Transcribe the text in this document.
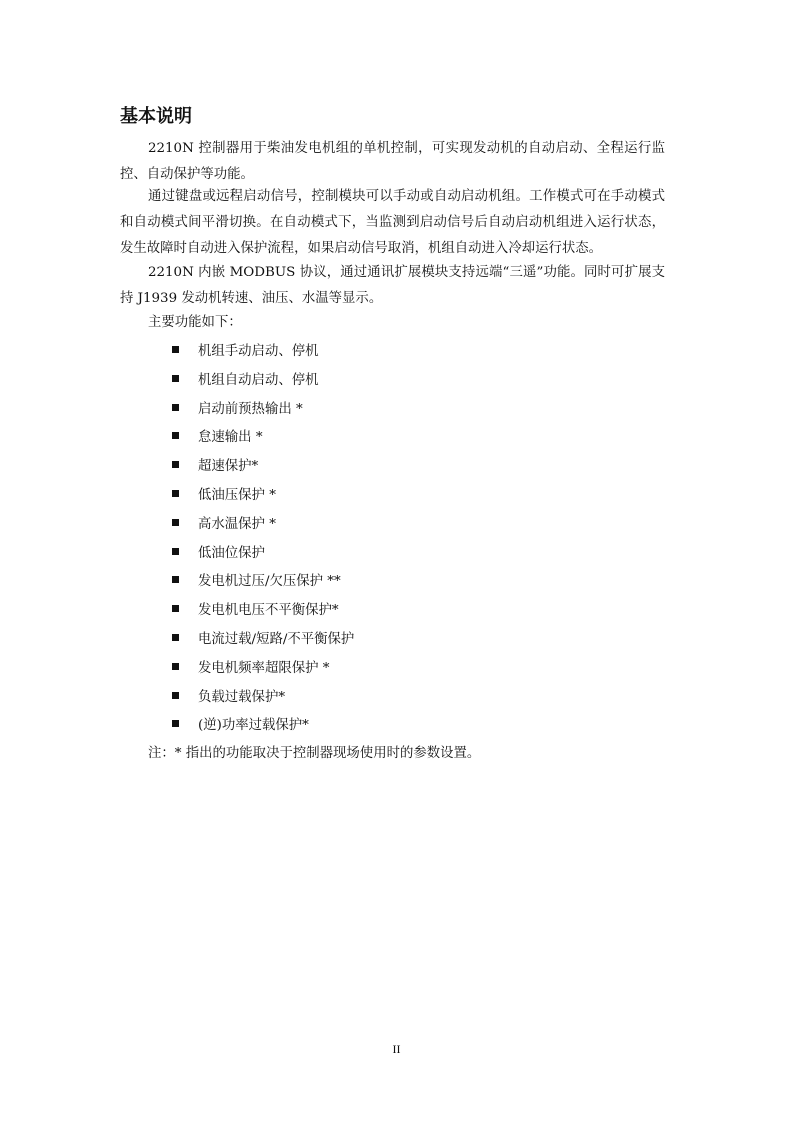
基本说明

2210N 控制器用于柴油发电机组的单机控制，可实现发动机的自动启动、全程运行监控、自动保护等功能。

通过键盘或远程启动信号，控制模块可以手动或自动启动机组。工作模式可在手动模式和自动模式间平滑切换。在自动模式下，当监测到启动信号后自动启动机组进入运行状态，发生故障时自动进入保护流程，如果启动信号取消，机组自动进入冷却运行状态。

2210N 内嵌 MODBUS 协议，通过通讯扩展模块支持远端“三遥”功能。同时可扩展支持 J1939 发动机转速、油压、水温等显示。

主要功能如下：

机组手动启动、停机
机组自动启动、停机
启动前预热输出 *
怠速输出 *
超速保护*
低油压保护 *
高水温保护 *
低油位保护
发电机过压/欠压保护 **
发电机电压不平衡保护*
电流过载/短路/不平衡保护
发电机频率超限保护 *
负载过载保护*
(逆)功率过载保护*

注：* 指出的功能取决于控制器现场使用时的参数设置。

II
